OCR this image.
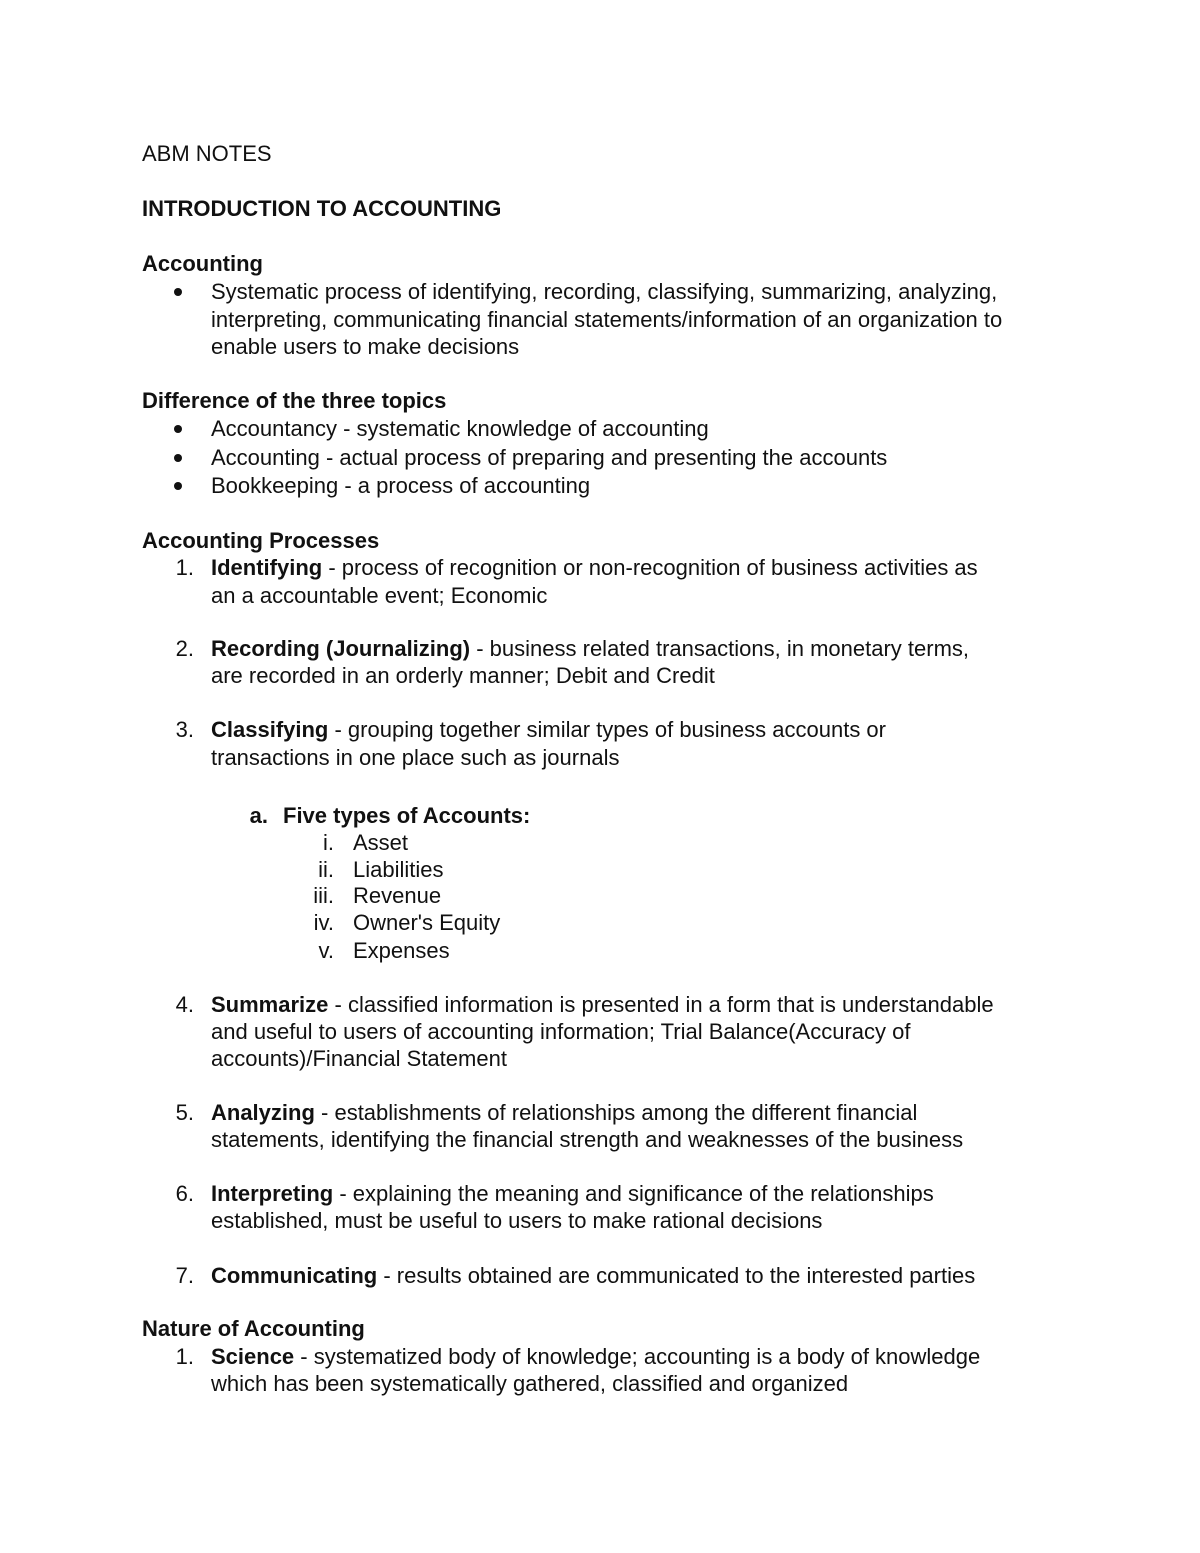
ABM NOTES
INTRODUCTION TO ACCOUNTING
Accounting
Systematic process of identifying, recording, classifying, summarizing, analyzing,
interpreting, communicating financial statements/information of an organization to
enable users to make decisions
Difference of the three topics
Accountancy - systematic knowledge of accounting
Accounting - actual process of preparing and presenting the accounts
Bookkeeping - a process of accounting
Accounting Processes
1. Identifying - process of recognition or non-recognition of business activities as
an a accountable event; Economic
2. Recording (Journalizing) - business related transactions, in monetary terms,
are recorded in an orderly manner; Debit and Credit
3. Classifying - grouping together similar types of business accounts or
transactions in one place such as journals
a. Five types of Accounts:
i. Asset
ii. Liabilities
iii. Revenue
iv. Owner's Equity
v. Expenses
4. Summarize - classified information is presented in a form that is understandable
and useful to users of accounting information; Trial Balance(Accuracy of
accounts)/Financial Statement
5. Analyzing - establishments of relationships among the different financial
statements, identifying the financial strength and weaknesses of the business
6. Interpreting - explaining the meaning and significance of the relationships
established, must be useful to users to make rational decisions
7. Communicating - results obtained are communicated to the interested parties
Nature of Accounting
1. Science - systematized body of knowledge; accounting is a body of knowledge
which has been systematically gathered, classified and organized
